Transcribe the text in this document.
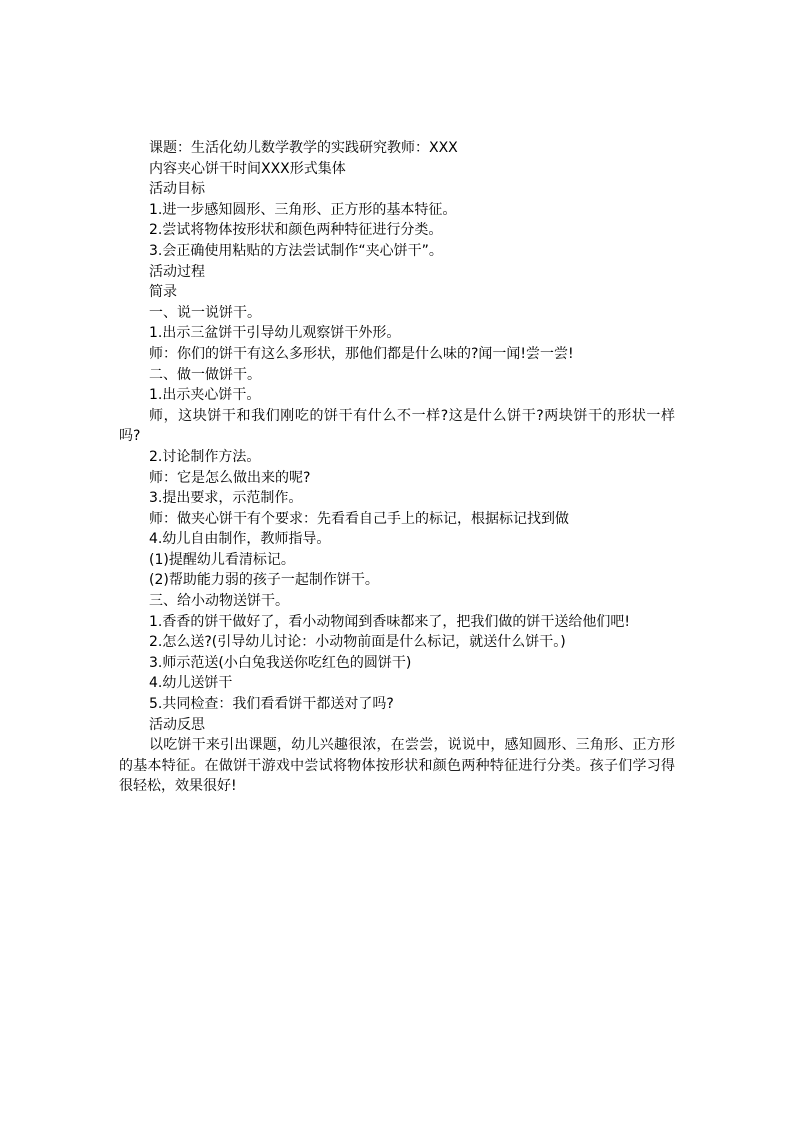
课题：生活化幼儿数学教学的实践研究教师：XXX

内容夹心饼干时间XXX形式集体

活动目标

1.进一步感知圆形、三角形、正方形的基本特征。

2.尝试将物体按形状和颜色两种特征进行分类。

3.会正确使用粘贴的方法尝试制作“夹心饼干”。

活动过程

简录

一、说一说饼干。

1.出示三盆饼干引导幼儿观察饼干外形。

师：你们的饼干有这么多形状，那他们都是什么味的?闻一闻!尝一尝!

二、做一做饼干。

1.出示夹心饼干。

师，这块饼干和我们刚吃的饼干有什么不一样?这是什么饼干?两块饼干的形状一样吗?

2.讨论制作方法。

师：它是怎么做出来的呢?

3.提出要求，示范制作。

师：做夹心饼干有个要求：先看看自己手上的标记，根据标记找到做

4.幼儿自由制作，教师指导。

(1)提醒幼儿看清标记。

(2)帮助能力弱的孩子一起制作饼干。

三、给小动物送饼干。

1.香香的饼干做好了，看小动物闻到香味都来了，把我们做的饼干送给他们吧!

2.怎么送?(引导幼儿讨论：小动物前面是什么标记，就送什么饼干。)

3.师示范送(小白兔我送你吃红色的圆饼干)

4.幼儿送饼干

5.共同检查：我们看看饼干都送对了吗?

活动反思

以吃饼干来引出课题，幼儿兴趣很浓，在尝尝，说说中，感知圆形、三角形、正方形的基本特征。在做饼干游戏中尝试将物体按形状和颜色两种特征进行分类。孩子们学习得很轻松，效果很好!
